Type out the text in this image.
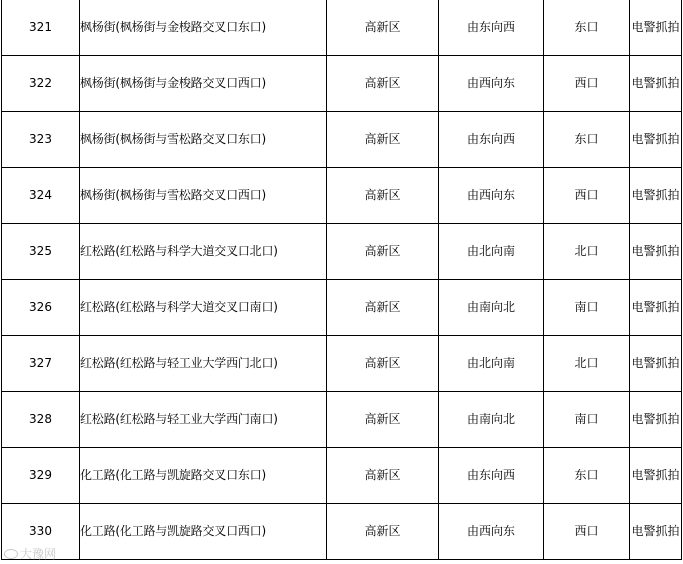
321	枫杨街(枫杨街与金梭路交叉口东口)	高新区	由东向西	东口	电警抓拍
322	枫杨街(枫杨街与金梭路交叉口西口)	高新区	由西向东	西口	电警抓拍
323	枫杨街(枫杨街与雪松路交叉口东口)	高新区	由东向西	东口	电警抓拍
324	枫杨街(枫杨街与雪松路交叉口西口)	高新区	由西向东	西口	电警抓拍
325	红松路(红松路与科学大道交叉口北口)	高新区	由北向南	北口	电警抓拍
326	红松路(红松路与科学大道交叉口南口)	高新区	由南向北	南口	电警抓拍
327	红松路(红松路与轻工业大学西门北口)	高新区	由北向南	北口	电警抓拍
328	红松路(红松路与轻工业大学西门南口)	高新区	由南向北	南口	电警抓拍
329	化工路(化工路与凯旋路交叉口东口)	高新区	由东向西	东口	电警抓拍
330	化工路(化工路与凯旋路交叉口西口)	高新区	由西向东	西口	电警抓拍
大豫网
